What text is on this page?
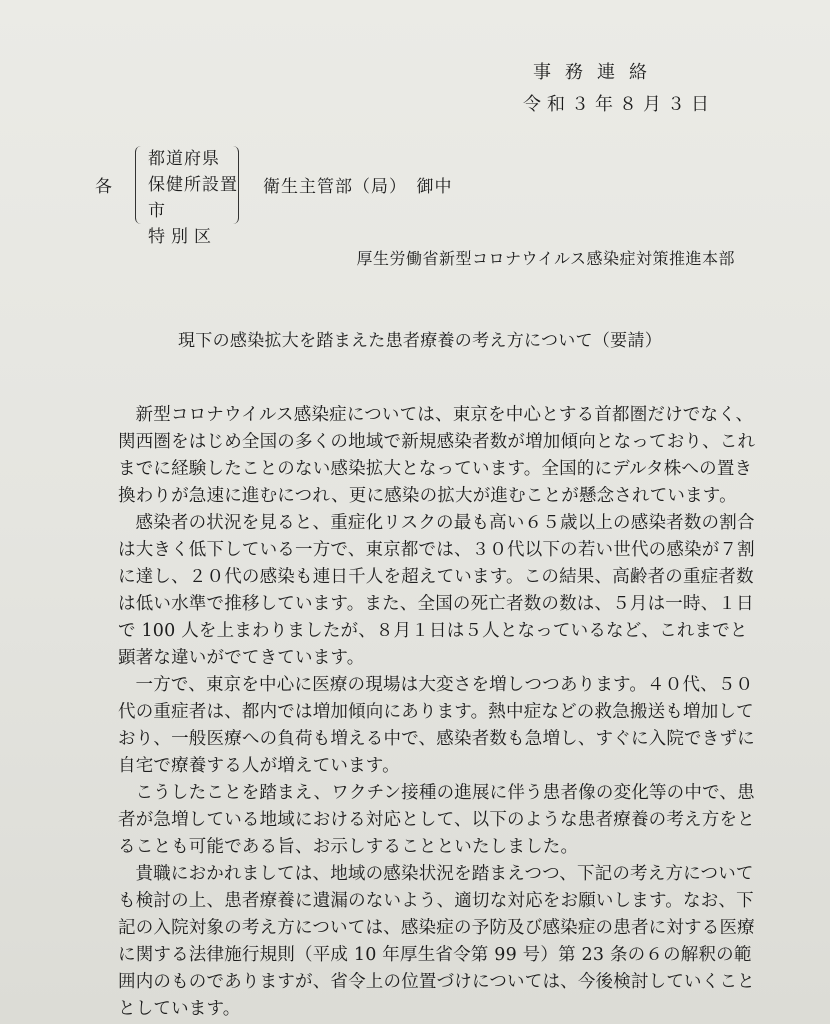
事務連絡
令和３年８月３日
各
都道府県
保健所設置市
特別区
衛生主管部（局）　御中
厚生労働省新型コロナウイルス感染症対策推進本部
現下の感染拡大を踏まえた患者療養の考え方について（要請）

新型コロナウイルス感染症については、東京を中心とする首都圏だけでなく、関西圏をはじめ全国の多くの地域で新規感染者数が増加傾向となっており、これまでに経験したことのない感染拡大となっています。全国的にデルタ株への置き換わりが急速に進むにつれ、更に感染の拡大が進むことが懸念されています。

感染者の状況を見ると、重症化リスクの最も高い６５歳以上の感染者数の割合は大きく低下している一方で、東京都では、３０代以下の若い世代の感染が７割に達し、２０代の感染も連日千人を超えています。この結果、高齢者の重症者数は低い水準で推移しています。また、全国の死亡者数の数は、５月は一時、１日で 100 人を上まわりましたが、８月１日は５人となっているなど、これまでと顕著な違いがでてきています。

一方で、東京を中心に医療の現場は大変さを増しつつあります。４０代、５０代の重症者は、都内では増加傾向にあります。熱中症などの救急搬送も増加しており、一般医療への負荷も増える中で、感染者数も急増し、すぐに入院できずに自宅で療養する人が増えています。

こうしたことを踏まえ、ワクチン接種の進展に伴う患者像の変化等の中で、患者が急増している地域における対応として、以下のような患者療養の考え方をとることも可能である旨、お示しすることといたしました。

貴職におかれましては、地域の感染状況を踏まえつつ、下記の考え方についても検討の上、患者療養に遺漏のないよう、適切な対応をお願いします。なお、下記の入院対象の考え方については、感染症の予防及び感染症の患者に対する医療に関する法律施行規則（平成 10 年厚生省令第 99 号）第 23 条の６の解釈の範囲内のものでありますが、省令上の位置づけについては、今後検討していくこととしています。
